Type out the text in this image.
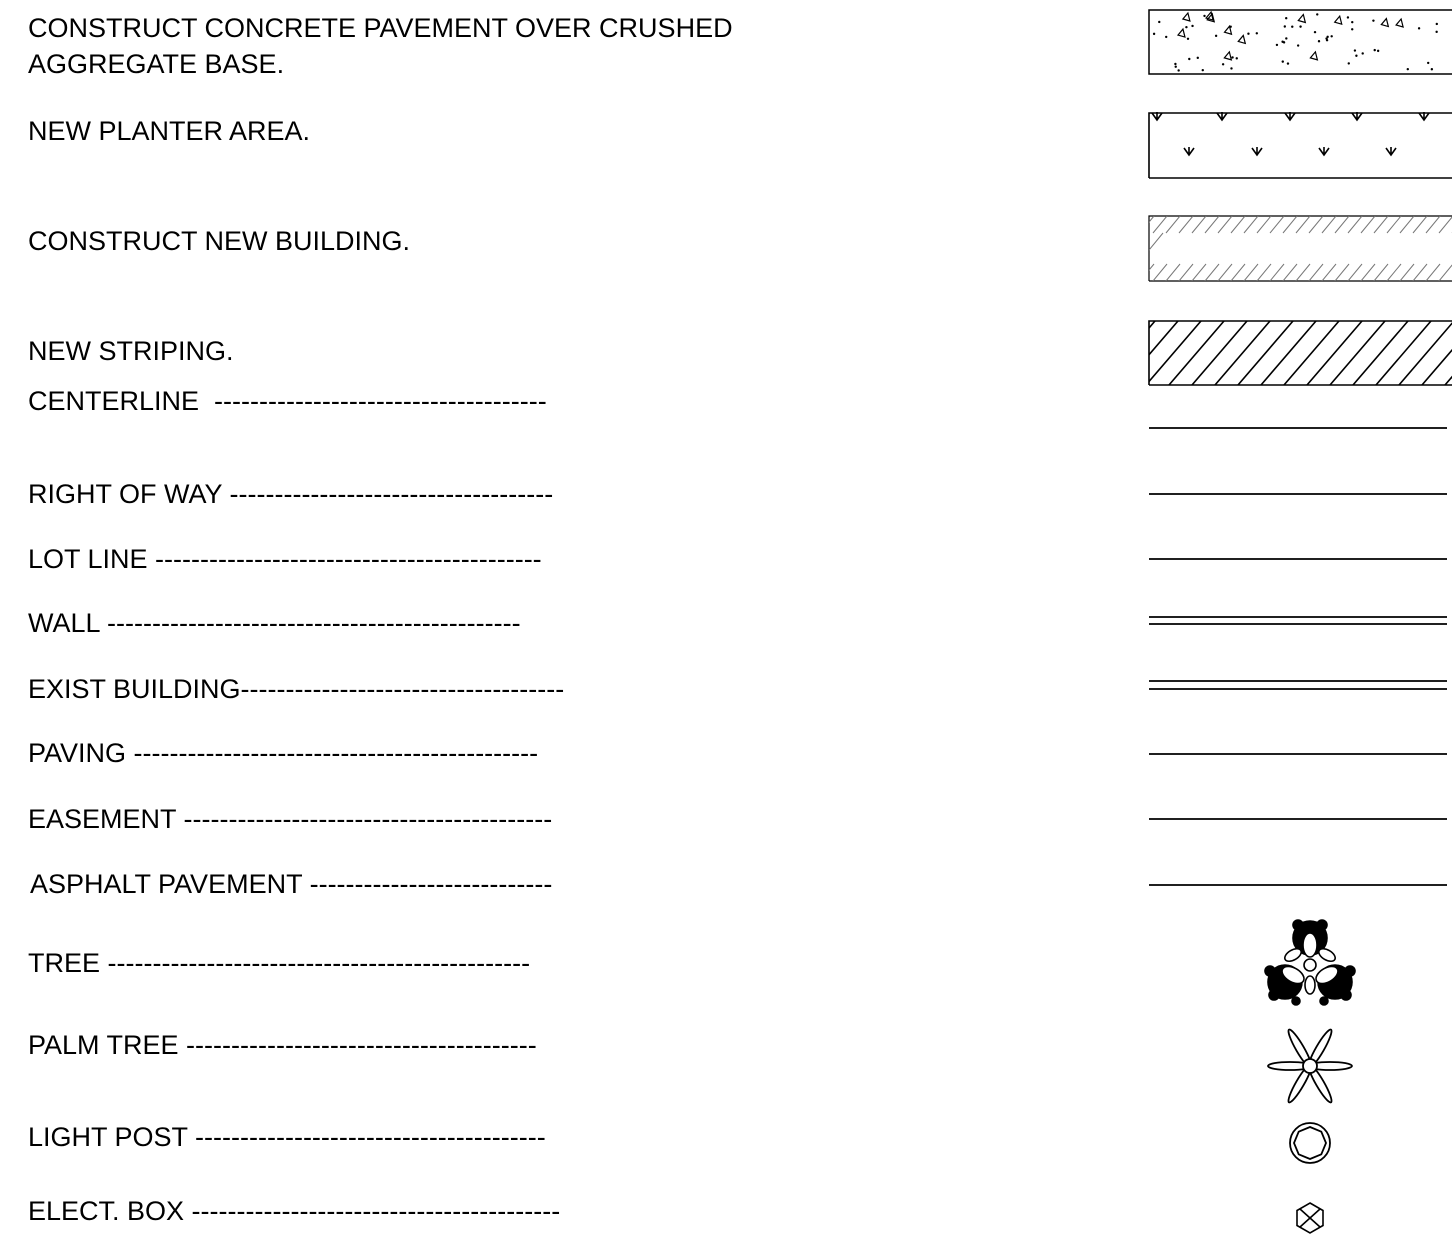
CONSTRUCT CONCRETE PAVEMENT OVER CRUSHED
AGGREGATE BASE.
NEW PLANTER AREA.
CONSTRUCT NEW BUILDING.
NEW STRIPING.
CENTERLINE  -------------------------------------
RIGHT OF WAY ------------------------------------
LOT LINE -------------------------------------------
WALL ----------------------------------------------
EXIST BUILDING------------------------------------
PAVING ---------------------------------------------
EASEMENT -----------------------------------------
ASPHALT PAVEMENT ---------------------------
TREE -----------------------------------------------
PALM TREE ---------------------------------------
LIGHT POST ---------------------------------------
ELECT. BOX -----------------------------------------
